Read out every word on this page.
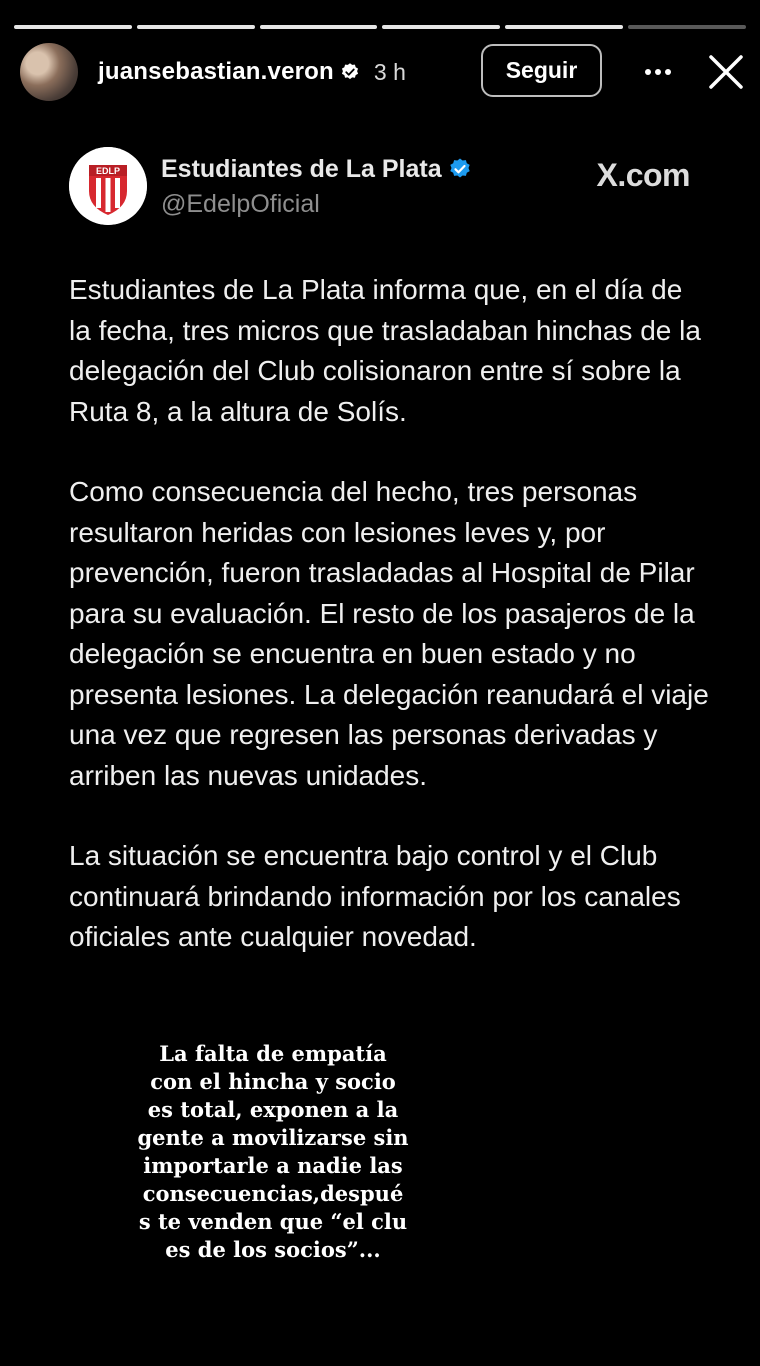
juansebastian.veron 3 h	Seguir
EDLP Estudiantes de La Plata
@EdelpOficial
X.com

Estudiantes de La Plata informa que, en el día de la fecha, tres micros que trasladaban hinchas de la delegación del Club colisionaron entre sí sobre la Ruta 8, a la altura de Solís.

Como consecuencia del hecho, tres personas resultaron heridas con lesiones leves y, por prevención, fueron trasladadas al Hospital de Pilar para su evaluación. El resto de los pasajeros de la delegación se encuentra en buen estado y no presenta lesiones. La delegación reanudará el viaje una vez que regresen las personas derivadas y arriben las nuevas unidades.

La situación se encuentra bajo control y el Club continuará brindando información por los canales oficiales ante cualquier novedad.

La falta de empatía
con el hincha y socio
es total, exponen a la
gente a movilizarse sin
importarle a nadie las
consecuencias,despué
s te venden que “el clu
es de los socios”...
